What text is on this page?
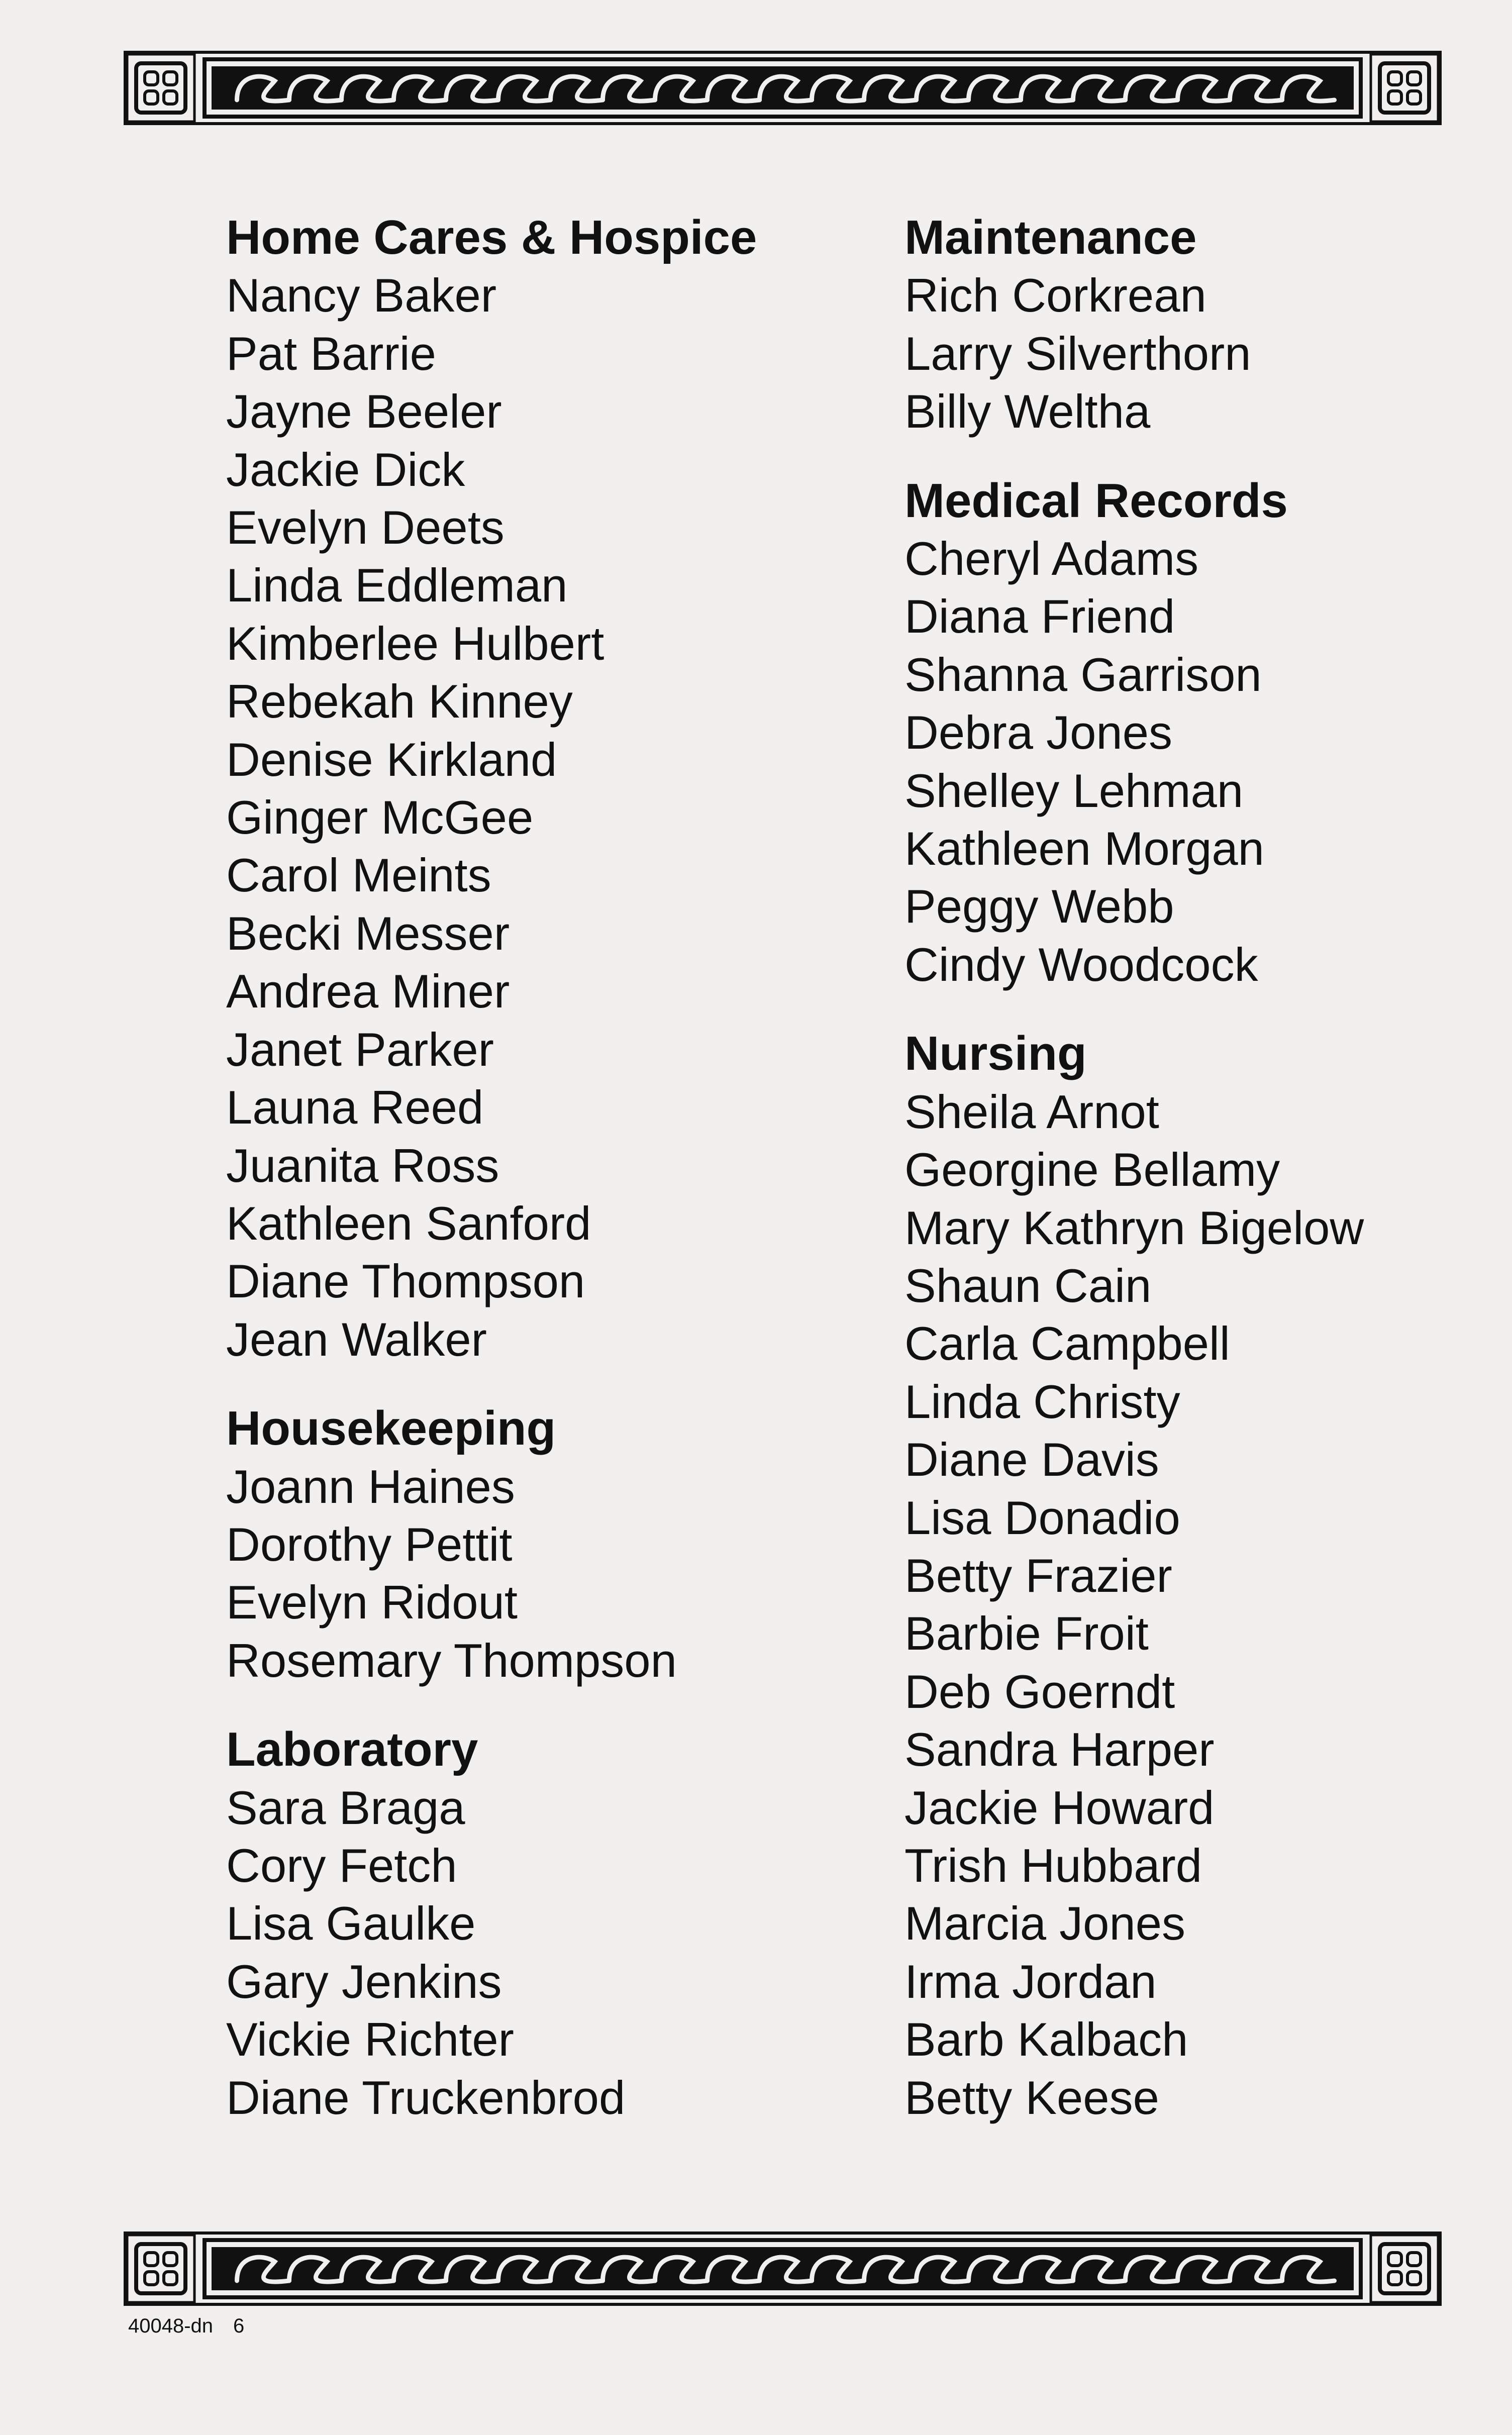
Home Cares & Hospice
Nancy Baker
Pat Barrie
Jayne Beeler
Jackie Dick
Evelyn Deets
Linda Eddleman
Kimberlee Hulbert
Rebekah Kinney
Denise Kirkland
Ginger McGee
Carol Meints
Becki Messer
Andrea Miner
Janet Parker
Launa Reed
Juanita Ross
Kathleen Sanford
Diane Thompson
Jean Walker
Housekeeping
Joann Haines
Dorothy Pettit
Evelyn Ridout
Rosemary Thompson
Laboratory
Sara Braga
Cory Fetch
Lisa Gaulke
Gary Jenkins
Vickie Richter
Diane Truckenbrod
Maintenance
Rich Corkrean
Larry Silverthorn
Billy Weltha
Medical Records
Cheryl Adams
Diana Friend
Shanna Garrison
Debra Jones
Shelley Lehman
Kathleen Morgan
Peggy Webb
Cindy Woodcock
Nursing
Sheila Arnot
Georgine Bellamy
Mary Kathryn Bigelow
Shaun Cain
Carla Campbell
Linda Christy
Diane Davis
Lisa Donadio
Betty Frazier
Barbie Froit
Deb Goerndt
Sandra Harper
Jackie Howard
Trish Hubbard
Marcia Jones
Irma Jordan
Barb Kalbach
Betty Keese
40048-dn 6
